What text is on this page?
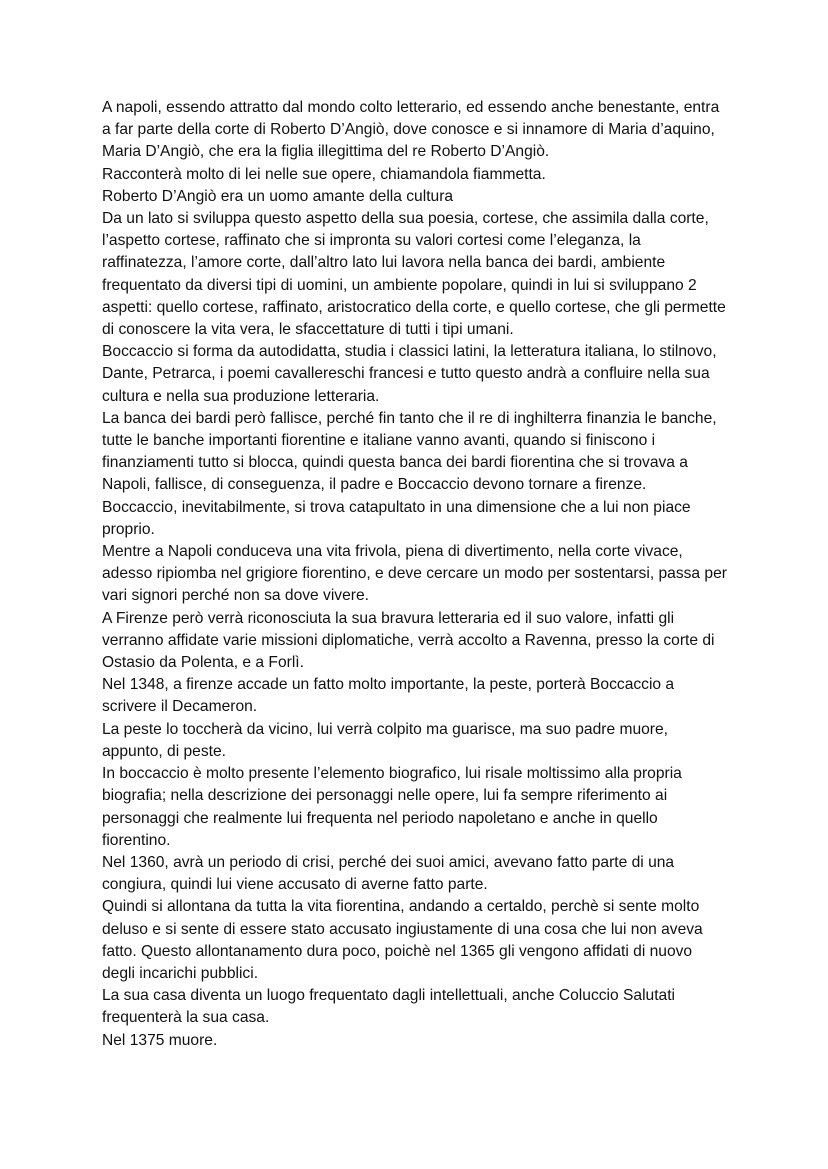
A napoli, essendo attratto dal mondo colto letterario, ed essendo anche benestante, entra a far parte della corte di Roberto D’Angiò, dove conosce e si innamore di Maria d’aquino, Maria D’Angiò, che era la figlia illegittima del re Roberto D’Angiò.

Racconterà molto di lei nelle sue opere, chiamandola fiammetta.

Roberto D’Angiò era un uomo amante della cultura

Da un lato si sviluppa questo aspetto della sua poesia, cortese, che assimila dalla corte, l’aspetto cortese, raffinato che si impronta su valori cortesi come l’eleganza, la raffinatezza, l’amore corte, dall’altro lato lui lavora nella banca dei bardi, ambiente frequentato da diversi tipi di uomini, un ambiente popolare, quindi in lui si sviluppano 2 aspetti: quello cortese, raffinato, aristocratico della corte, e quello cortese, che gli permette di conoscere la vita vera, le sfaccettature di tutti i tipi umani.

Boccaccio si forma da autodidatta, studia i classici latini, la letteratura italiana, lo stilnovo, Dante, Petrarca, i poemi cavallereschi francesi e tutto questo andrà a confluire nella sua cultura e nella sua produzione letteraria.

La banca dei bardi però fallisce, perché fin tanto che il re di inghilterra finanzia le banche, tutte le banche importanti fiorentine e italiane vanno avanti, quando si finiscono i finanziamenti tutto si blocca, quindi questa banca dei bardi fiorentina che si trovava a Napoli, fallisce, di conseguenza, il padre e Boccaccio devono tornare a firenze.

Boccaccio, inevitabilmente, si trova catapultato in una dimensione che a lui non piace proprio.

Mentre a Napoli conduceva una vita frivola, piena di divertimento, nella corte vivace, adesso ripiomba nel grigiore fiorentino, e deve cercare un modo per sostentarsi, passa per vari signori perché non sa dove vivere.

A Firenze però verrà riconosciuta la sua bravura letteraria ed il suo valore, infatti gli verranno affidate varie missioni diplomatiche, verrà accolto a Ravenna, presso la corte di Ostasio da Polenta, e a Forlì.

Nel 1348, a firenze accade un fatto molto importante, la peste, porterà Boccaccio a scrivere il Decameron.

La peste lo toccherà da vicino, lui verrà colpito ma guarisce, ma suo padre muore, appunto, di peste.

In boccaccio è molto presente l’elemento biografico, lui risale moltissimo alla propria biografia; nella descrizione dei personaggi nelle opere, lui fa sempre riferimento ai personaggi che realmente lui frequenta nel periodo napoletano e anche in quello fiorentino.

Nel 1360, avrà un periodo di crisi, perché dei suoi amici, avevano fatto parte di una congiura, quindi lui viene accusato di averne fatto parte.

Quindi si allontana da tutta la vita fiorentina, andando a certaldo, perchè si sente molto deluso e si sente di essere stato accusato ingiustamente di una cosa che lui non aveva fatto. Questo allontanamento dura poco, poichè nel 1365 gli vengono affidati di nuovo degli incarichi pubblici.

La sua casa diventa un luogo frequentato dagli intellettuali, anche Coluccio Salutati frequenterà la sua casa.

Nel 1375 muore.
